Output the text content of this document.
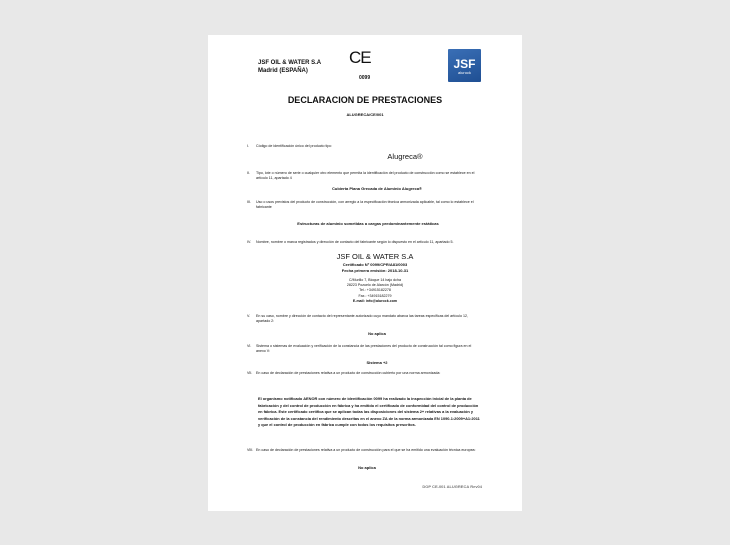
JSF OIL & WATER S.A
Madrid (ESPAÑA)
CE
0099
JSF
alurock
DECLARACION DE PRESTACIONES
ALUGRECA/CE/001
I. Código de identificación único del producto tipo
Alugreca®
II. Tipo, lote o número de serie o cualquier otro elemento que permita la identificación del producto de construcción como se establece en el artículo 11, apartado 4
Cubierta Plana Grecada de Aluminio Alugreca®
III. Uso o usos previstos del producto de construcción, con arreglo a la especificación técnica armonizada aplicable, tal como lo establece el fabricante
Estructuras de aluminio sometidas a cargas predominantemente estáticas
IV. Nombre, nombre o marca registrados y dirección de contacto del fabricante según lo dispuesto en el artículo 11, apartado 5.
JSF OIL & WATER S.A
Certificado Nº 0099/CPR/A81/0003
Fecha primera emisión: 2018-10-31
C/Murillo 7, Bloque 14 bajo dcha
28223 Pozuelo de Alarcón (Madrid)
Tel.: +34915182278
Fax.: +34915182279
E-mail: info@alurock.com
V. En su caso, nombre y dirección de contacto del representante autorizado cuyo mandato abarca las tareas especificas del artículo 12, apartado 2:
No aplica
VI. Sistema o sistemas de evaluación y verificación de la constancia de las prestaciones del producto de construcción tal como figura en el anexo V:
Sistema +2
VII. En caso de declaración de prestaciones relativa a un producto de construcción cubierto por una norma armonizada:
El organismo notificado AENOR con número de identificación 0099 ha realizado la inspección inicial de la planta de fabricación y del control de producción en fábrica y ha emitido el certificado de conformidad del control de producción en fábrica. Este certificado certifica que se aplican todas las disposiciones del sistema 2+ relativas a la evaluación y verificación de la constancia del rendimiento descritas en el anexo ZA de la norma armonizada EN 1090-1:2009+A1:2011 y que el control de producción en fábrica cumple con todos los requisitos prescritos.
VIII. En caso de declaración de prestaciones relativa a un producto de construcción para el que se ha emitido una evaluación técnica europea:
No aplica
DOP CE-001 ALUGRECA Rev04
